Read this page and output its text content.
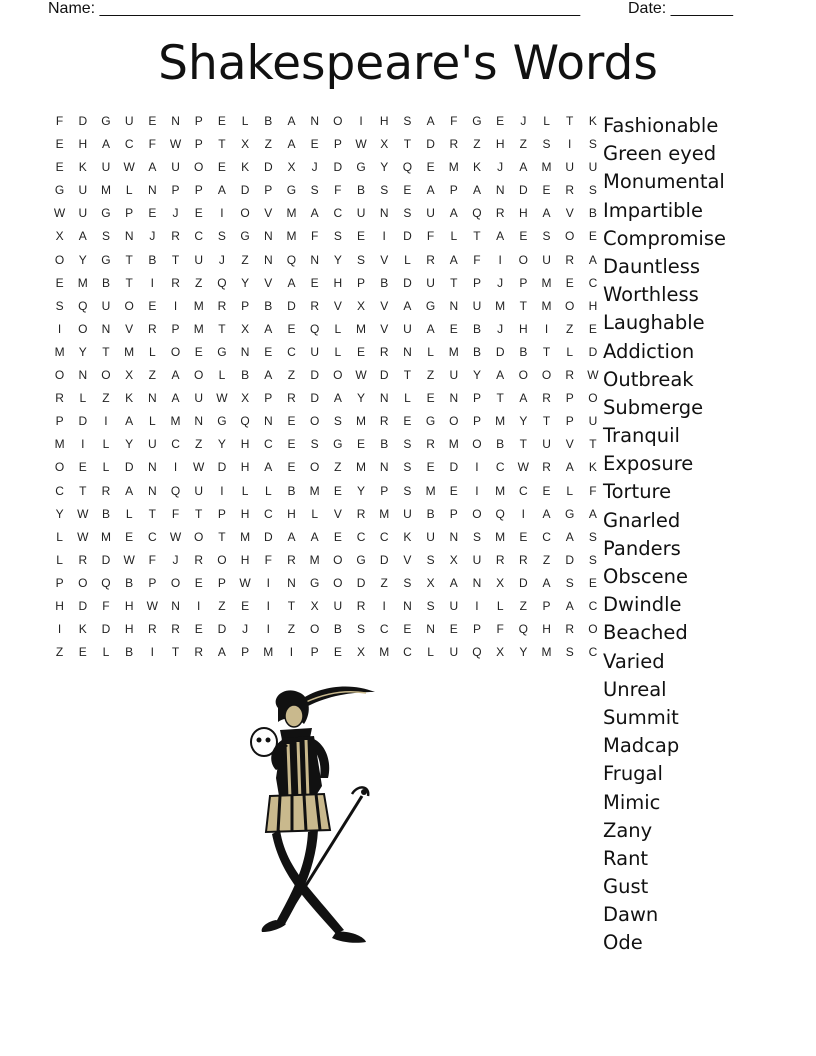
Name: ______________________________________________________	Date: _______
Shakespeare's Words
F	D	G	U	E	N	P	E	L	B	A	N	O	I	H	S	A	F	G	E	J	L	T	K
E	H	A	C	F	W	P	T	X	Z	A	E	P	W	X	T	D	R	Z	H	Z	S	I	S
E	K	U	W	A	U	O	E	K	D	X	J	D	G	Y	Q	E	M	K	J	A	M	U	U
G	U	M	L	N	P	P	A	D	P	G	S	F	B	S	E	A	P	A	N	D	E	R	S
W	U	G	P	E	J	E	I	O	V	M	A	C	U	N	S	U	A	Q	R	H	A	V	B
X	A	S	N	J	R	C	S	G	N	M	F	S	E	I	D	F	L	T	A	E	S	O	E
O	Y	G	T	B	T	U	J	Z	N	Q	N	Y	S	V	L	R	A	F	I	O	U	R	A
E	M	B	T	I	R	Z	Q	Y	V	A	E	H	P	B	D	U	T	P	J	P	M	E	C
S	Q	U	O	E	I	M	R	P	B	D	R	V	X	V	A	G	N	U	M	T	M	O	H
I	O	N	V	R	P	M	T	X	A	E	Q	L	M	V	U	A	E	B	J	H	I	Z	E
M	Y	T	M	L	O	E	G	N	E	C	U	L	E	R	N	L	M	B	D	B	T	L	D
O	N	O	X	Z	A	O	L	B	A	Z	D	O	W	D	T	Z	U	Y	A	O	O	R	W
R	L	Z	K	N	A	U	W	X	P	R	D	A	Y	N	L	E	N	P	T	A	R	P	O
P	D	I	A	L	M	N	G	Q	N	E	O	S	M	R	E	G	O	P	M	Y	T	P	U
M	I	L	Y	U	C	Z	Y	H	C	E	S	G	E	B	S	R	M	O	B	T	U	V	T
O	E	L	D	N	I	W	D	H	A	E	O	Z	M	N	S	E	D	I	C	W	R	A	K
C	T	R	A	N	Q	U	I	L	L	B	M	E	Y	P	S	M	E	I	M	C	E	L	F
Y	W	B	L	T	F	T	P	H	C	H	L	V	R	M	U	B	P	O	Q	I	A	G	A
L	W	M	E	C	W	O	T	M	D	A	A	E	C	C	K	U	N	S	M	E	C	A	S
L	R	D	W	F	J	R	O	H	F	R	M	O	G	D	V	S	X	U	R	R	Z	D	S
P	O	Q	B	P	O	E	P	W	I	N	G	O	D	Z	S	X	A	N	X	D	A	S	E
H	D	F	H	W	N	I	Z	E	I	T	X	U	R	I	N	S	U	I	L	Z	P	A	C
I	K	D	H	R	R	E	D	J	I	Z	O	B	S	C	E	N	E	P	F	Q	H	R	O
Z	E	L	B	I	T	R	A	P	M	I	P	E	X	M	C	L	U	Q	X	Y	M	S	C
Fashionable
Green eyed
Monumental
Impartible
Compromise
Dauntless
Worthless
Laughable
Addiction
Outbreak
Submerge
Tranquil
Exposure
Torture
Gnarled
Panders
Obscene
Dwindle
Beached
Varied
Unreal
Summit
Madcap
Frugal
Mimic
Zany
Rant
Gust
Dawn
Ode
